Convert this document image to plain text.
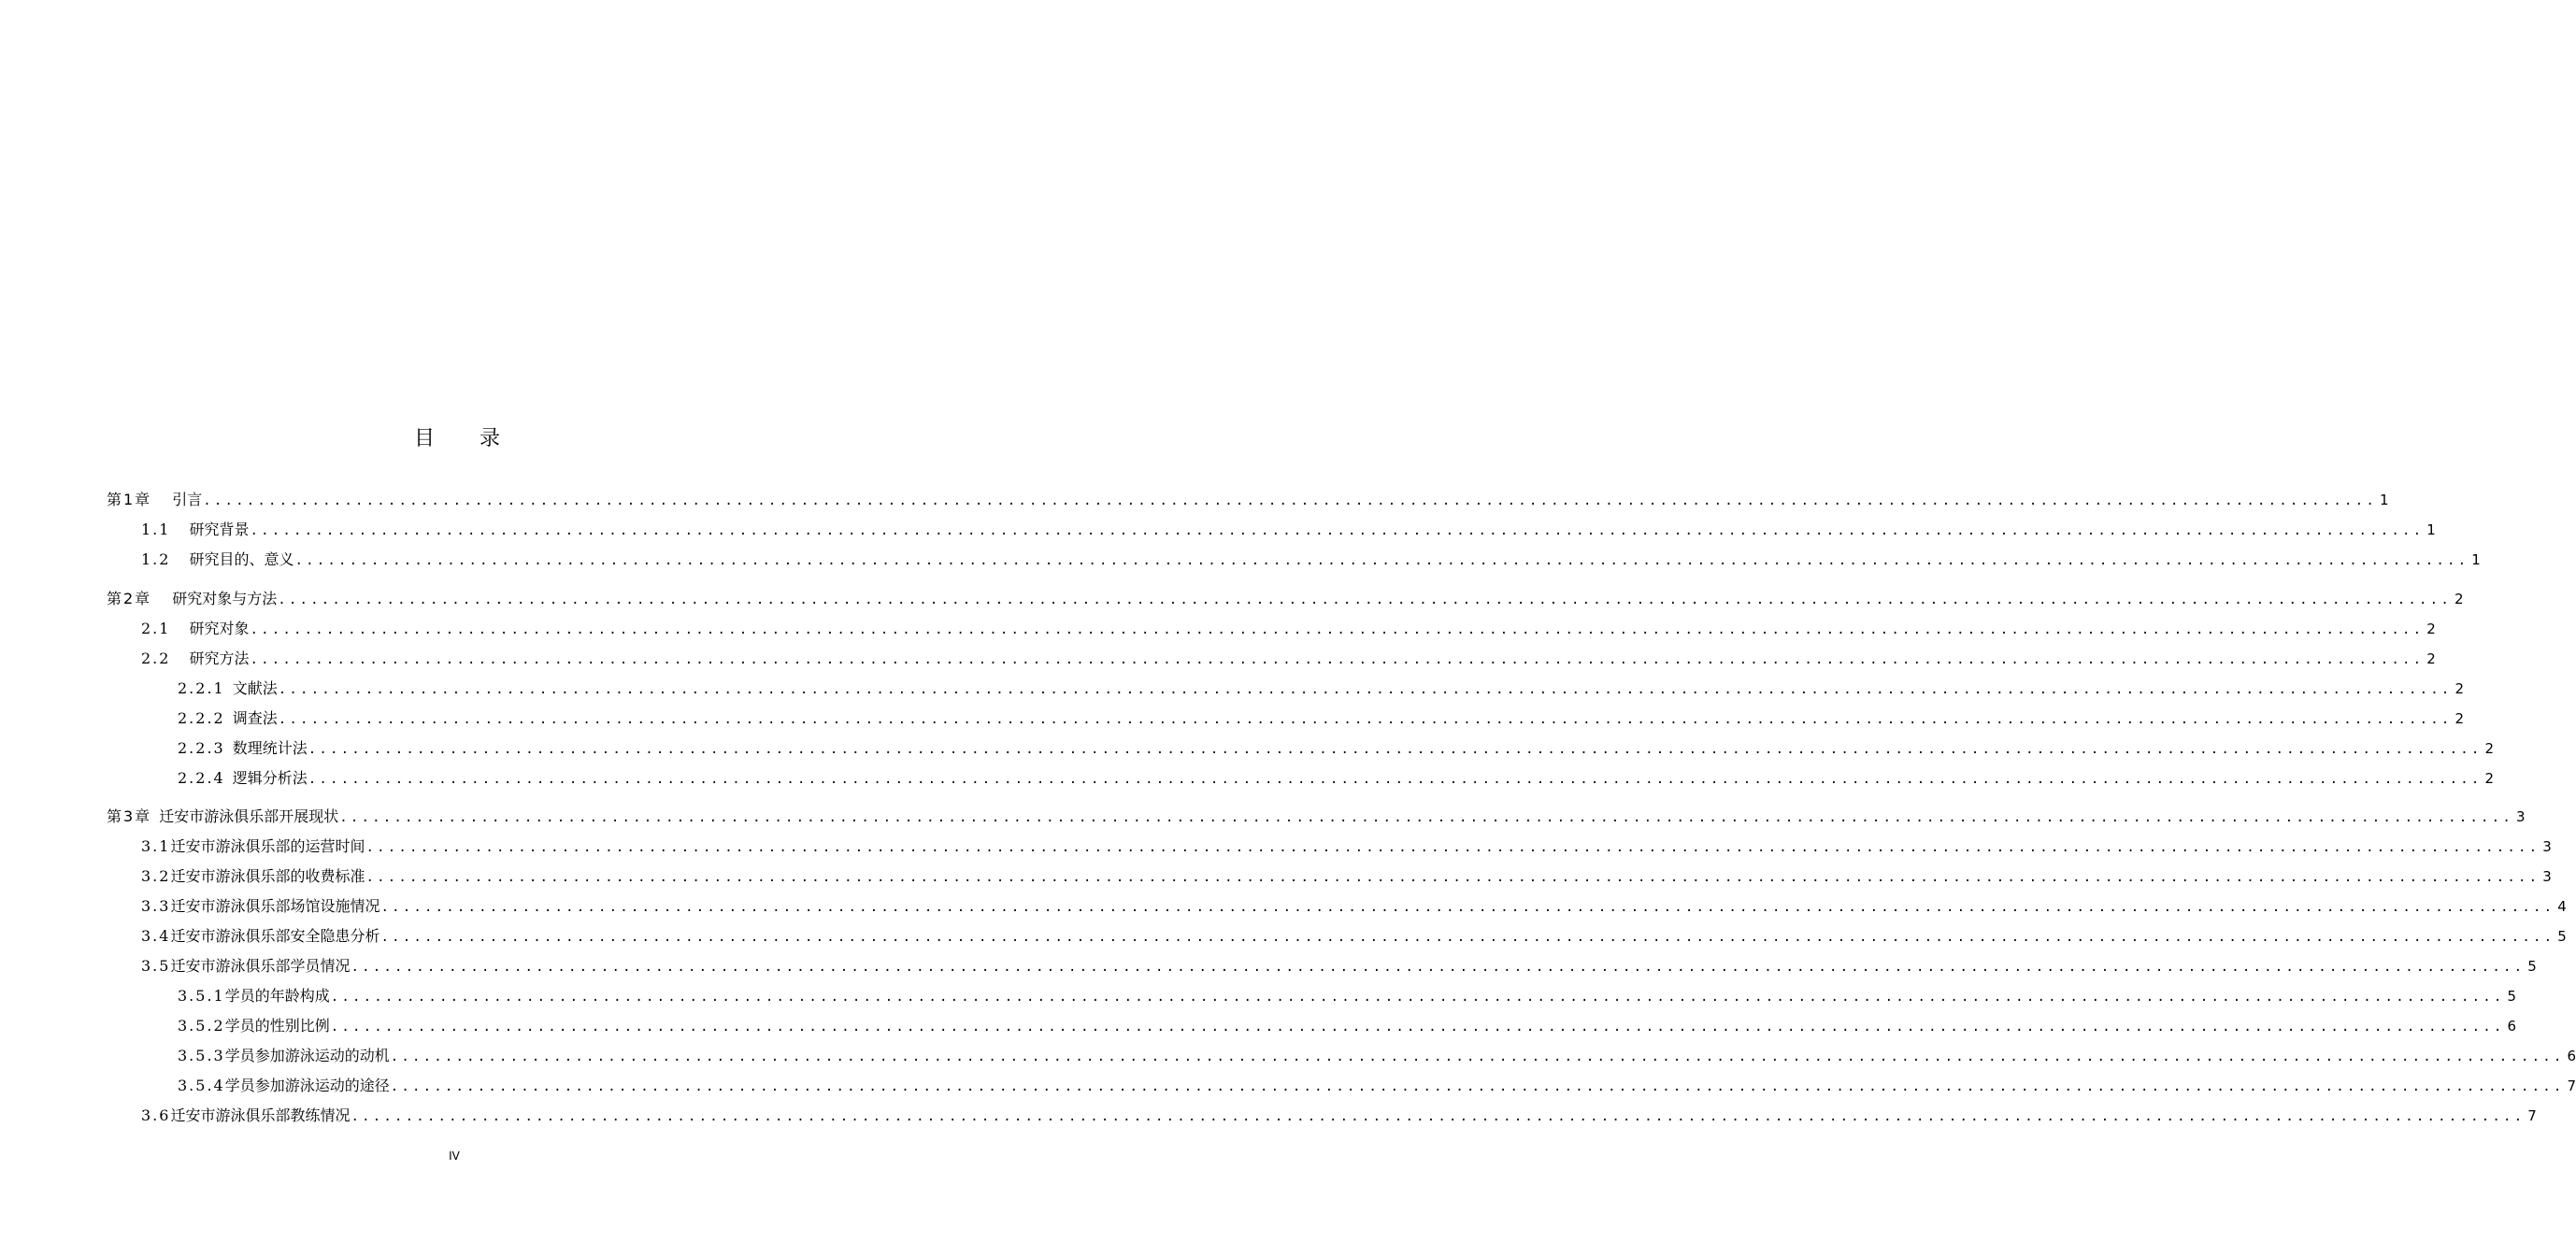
目 录
第1章 引言 ........................................................................................................................................................................................................ 1
1.1 研究背景 ........................................................................................................................................................................................................ 1
1.2 研究目的、意义 ........................................................................................................................................................................................................ 1
第2章 研究对象与方法 ........................................................................................................................................................................................................ 2
2.1 研究对象 ........................................................................................................................................................................................................ 2
2.2 研究方法 ........................................................................................................................................................................................................ 2
2.2.1 文献法 ........................................................................................................................................................................................................ 2
2.2.2 调查法 ........................................................................................................................................................................................................ 2
2.2.3 数理统计法 ........................................................................................................................................................................................................ 2
2.2.4 逻辑分析法 ........................................................................................................................................................................................................ 2
第3章 迁安市游泳俱乐部开展现状 ........................................................................................................................................................................................................ 3
3.1迁安市游泳俱乐部的运营时间 ........................................................................................................................................................................................................ 3
3.2迁安市游泳俱乐部的收费标准 ........................................................................................................................................................................................................ 3
3.3迁安市游泳俱乐部场馆设施情况 ........................................................................................................................................................................................................ 4
3.4迁安市游泳俱乐部安全隐患分析 ........................................................................................................................................................................................................ 5
3.5迁安市游泳俱乐部学员情况 ........................................................................................................................................................................................................ 5
3.5.1学员的年龄构成 ........................................................................................................................................................................................................ 5
3.5.2学员的性别比例 ........................................................................................................................................................................................................ 6
3.5.3学员参加游泳运动的动机 ........................................................................................................................................................................................................ 6
3.5.4学员参加游泳运动的途径 ........................................................................................................................................................................................................ 7
3.6迁安市游泳俱乐部教练情况 ........................................................................................................................................................................................................ 7
IV
